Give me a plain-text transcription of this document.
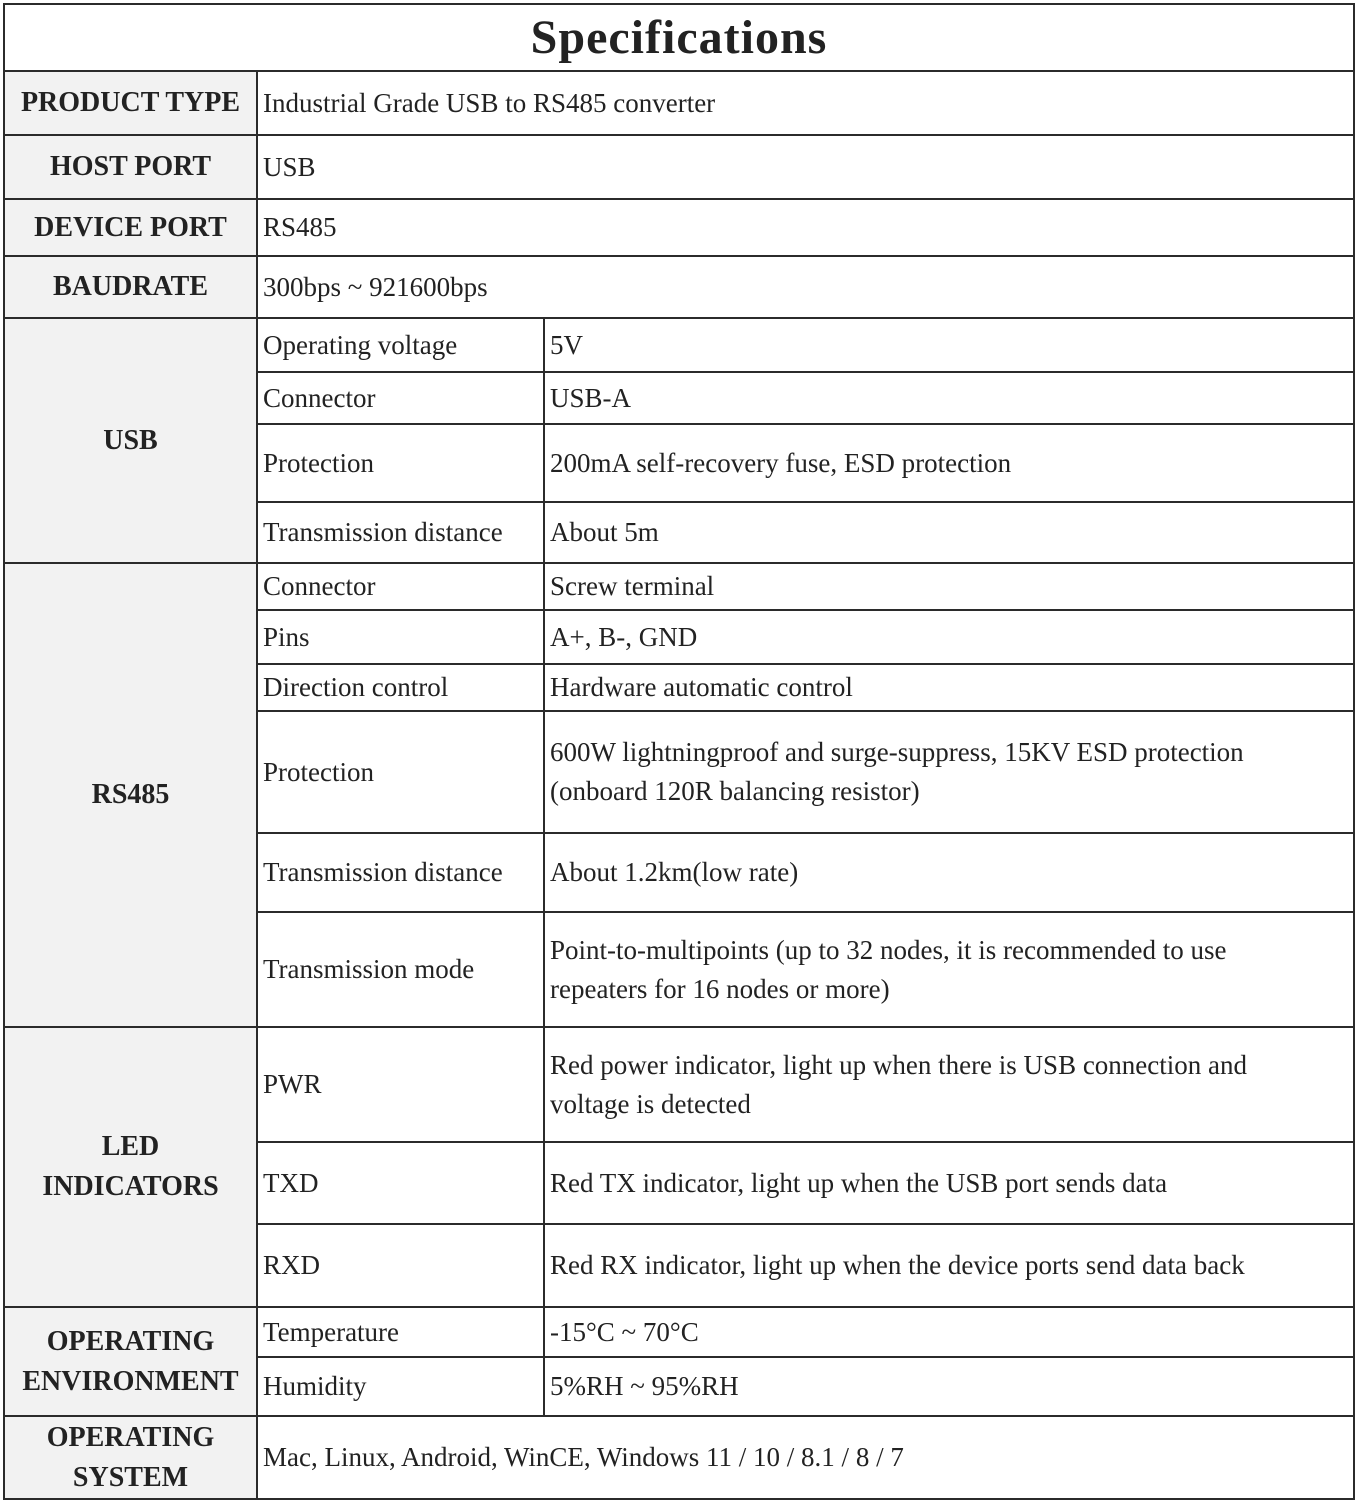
Specifications		
PRODUCT TYPE	Industrial Grade USB to RS485 converter	
HOST PORT	USB	
DEVICE PORT	RS485	
BAUDRATE	300bps ~ 921600bps	
USB	Operating voltage	5V
	Connector	USB-A
	Protection	200mA self-recovery fuse, ESD protection
	Transmission distance	About 5m
RS485	Connector	Screw terminal
	Pins	A+, B-, GND
	Direction control	Hardware automatic control
	Protection	600W lightningproof and surge-suppress, 15KV ESD protection
(onboard 120R balancing resistor)

	Transmission distance	About 1.2km(low rate)
	Transmission mode	Point-to-multipoints (up to 32 nodes, it is recommended to use
repeaters for 16 nodes or more)

LED
INDICATORS	PWR	Red power indicator, light up when there is USB connection and
voltage is detected

	TXD	Red TX indicator, light up when the USB port sends data
	RXD	Red RX indicator, light up when the device ports send data back

OPERATING
ENVIRONMENT	Temperature	-15°C ~ 70°C
	Humidity	5%RH ~ 95%RH

OPERATING
SYSTEM	Mac, Linux, Android, WinCE, Windows 11 / 10 / 8.1 / 8 / 7	
